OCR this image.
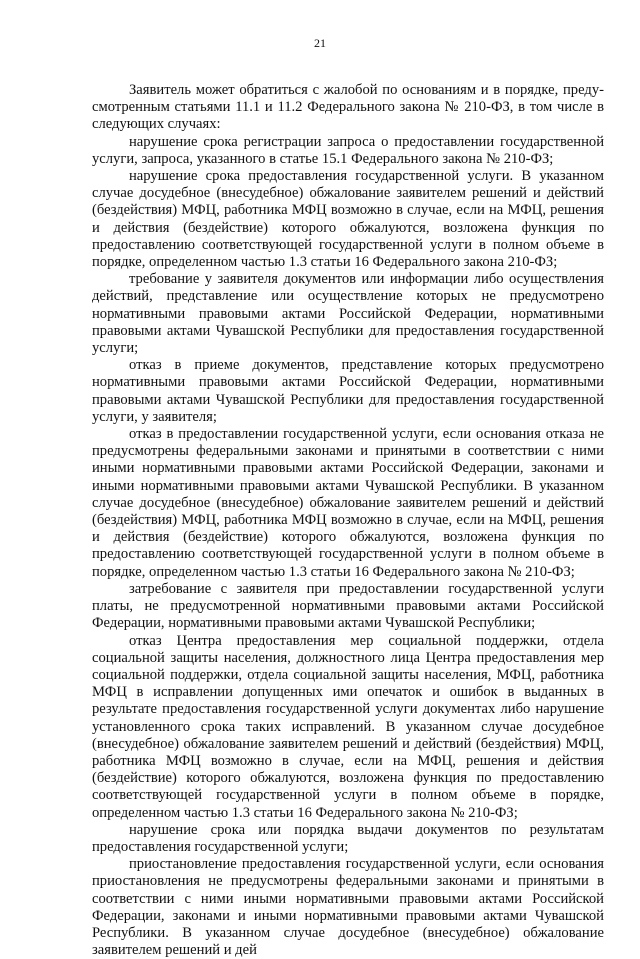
21

Заявитель может обратиться с жалобой по основаниям и в порядке, предусмотренным статьями 11.1 и 11.2 Федерального закона № 210-ФЗ, в том числе в следующих случаях:

нарушение срока регистрации запроса о предоставлении государственной услуги, запроса, указанного в статье 15.1 Федерального закона № 210-ФЗ;

нарушение срока предоставления государственной услуги. В указанном случае досудебное (внесудебное) обжалование заявителем решений и действий (бездействия) МФЦ, работника МФЦ возможно в случае, если на МФЦ, решения и действия (бездействие) которого обжалуются, возложена функция по предоставлению соответствующей государственной услуги в полном объеме в порядке, определенном частью 1.3 статьи 16 Федерального закона 210-ФЗ;

требование у заявителя документов или информации либо осуществления действий, представление или осуществление которых не предусмотрено нормативными правовыми актами Российской Федерации, нормативными правовыми актами Чувашской Республики для предоставления государственной услуги;

отказ в приеме документов, представление которых предусмотрено нормативными правовыми актами Российской Федерации, нормативными правовыми актами Чувашской Республики для предоставления государственной услуги, у заявителя;

отказ в предоставлении государственной услуги, если основания отказа не предусмотрены федеральными законами и принятыми в соответствии с ними иными нормативными правовыми актами Российской Федерации, законами и иными нормативными правовыми актами Чувашской Республики. В указанном случае досудебное (внесудебное) обжалование заявителем решений и действий (бездействия) МФЦ, работника МФЦ возможно в случае, если на МФЦ, решения и действия (бездействие) которого обжалуются, возложена функция по предоставлению соответствующей государственной услуги в полном объеме в порядке, определенном частью 1.3 статьи 16 Федерального закона № 210-ФЗ;

затребование с заявителя при предоставлении государственной услуги платы, не предусмотренной нормативными правовыми актами Российской Федерации, нормативными правовыми актами Чувашской Республики;

отказ Центра предоставления мер социальной поддержки, отдела социальной защиты населения, должностного лица Центра предоставления мер социальной поддержки, отдела социальной защиты населения, МФЦ, работника МФЦ в исправлении допущенных ими опечаток и ошибок в выданных в результате предоставления государственной услуги документах либо нарушение установленного срока таких исправлений. В указанном случае досудебное (внесудебное) обжалование заявителем решений и действий (бездействия) МФЦ, работника МФЦ возможно в случае, если на МФЦ, решения и действия (бездействие) которого обжалуются, возложена функция по предоставлению соответствующей государственной услуги в полном объеме в порядке, определенном частью 1.3 статьи 16 Федерального закона № 210-ФЗ;

нарушение срока или порядка выдачи документов по результатам предоставления государственной услуги;

приостановление предоставления государственной услуги, если основания приостановления не предусмотрены федеральными законами и принятыми в соответствии с ними иными нормативными правовыми актами Российской Федерации, законами и иными нормативными правовыми актами Чувашской Республики. В указанном случае досудебное (внесудебное) обжалование заявителем решений и дей
